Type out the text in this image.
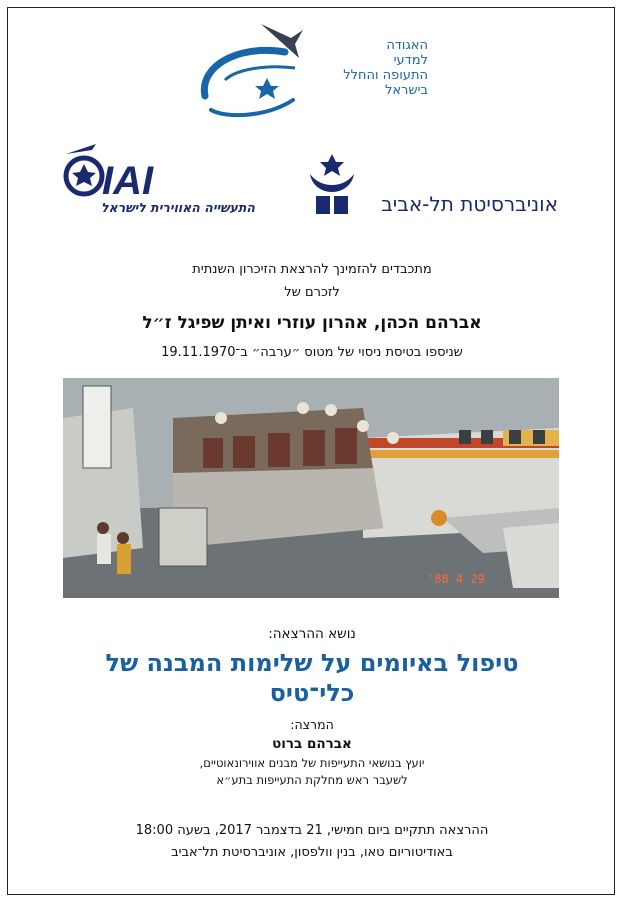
האגודה
למדעי
התעופה והחלל
בישראל
IAI
התעשייה האווירית לישראל	אוניברסיטת תל-אביב
מתכבדים להזמינך להרצאת הזיכרון השנתית
לזכרם של
אברהם הכהן, אהרון עוזרי ואיתן שפיגל ז״ל
שניספו בטיסת ניסוי של מטוס ״ערבה״ ב־19.11.1970
'88 4 29
נושא ההרצאה:
טיפול באיומים על שלימות המבנה של
כלי־טיס
המרצה:
אברהם ברוט
יועץ בנושאי התעייפות של מבנים אווירונאוטיים,
לשעבר ראש מחלקת התעייפות בתע״א
ההרצאה תתקיים ביום חמישי, 21 בדצמבר 2017, בשעה 18:00
באודיטוריום טאו, בנין וולפסון, אוניברסיטת תל־אביב
